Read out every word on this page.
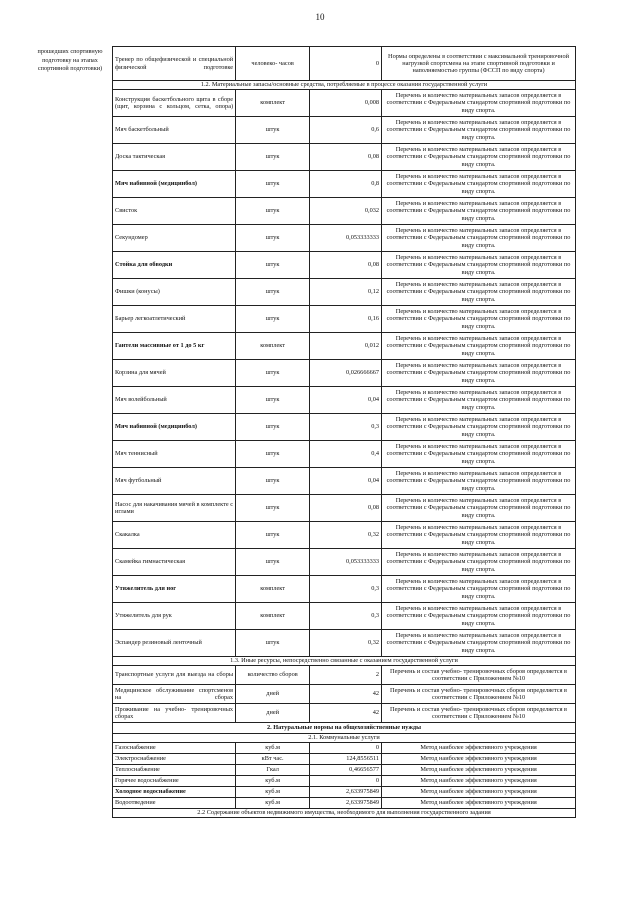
10
прошедших спортивную подготовку на этапах спортивной подготовки)
Тренер по общефизической и специальной физической подготовке	человеко- часов	0	Нормы определены в соответствии с максимальной тренировочной нагрузкой спортсмена на этапе спортивной подготовки и наполняемостью группы (ФССП по виду спорта)
1.2. Материальные запасы/основные средства, потребляемые в процессе оказания государственной услуги			
Конструкция баскетбольного щита в сборе (щит, корзина с кольцом, сетка, опора)	комплект	0,008	Перечень и количество материальных запасов определяется в соответствии с Федеральным стандартом спортивной подготовки по виду спорта.
Мяч баскетбольный	штук	0,6	Перечень и количество материальных запасов определяется в соответствии с Федеральным стандартом спортивной подготовки по виду спорта.
Доска тактическая	штук	0,08	Перечень и количество материальных запасов определяется в соответствии с Федеральным стандартом спортивной подготовки по виду спорта.
Мяч набивной (медицинбол)	штук	0,8	Перечень и количество материальных запасов определяется в соответствии с Федеральным стандартом спортивной подготовки по виду спорта.
Свисток	штук	0,032	Перечень и количество материальных запасов определяется в соответствии с Федеральным стандартом спортивной подготовки по виду спорта.
Секундомер	штук	0,053333333	Перечень и количество материальных запасов определяется в соответствии с Федеральным стандартом спортивной подготовки по виду спорта.
Стойка для обводки	штук	0,08	Перечень и количество материальных запасов определяется в соответствии с Федеральным стандартом спортивной подготовки по виду спорта.
Фишки (конусы)	штук	0,12	Перечень и количество материальных запасов определяется в соответствии с Федеральным стандартом спортивной подготовки по виду спорта.
Барьер легкоатлетический	штук	0,16	Перечень и количество материальных запасов определяется в соответствии с Федеральным стандартом спортивной подготовки по виду спорта.
Гантели массивные от 1 до 5 кг	комплект	0,012	Перечень и количество материальных запасов определяется в соответствии с Федеральным стандартом спортивной подготовки по виду спорта.
Корзина для мячей	штук	0,026666667	Перечень и количество материальных запасов определяется в соответствии с Федеральным стандартом спортивной подготовки по виду спорта.
Мяч волейбольный	штук	0,04	Перечень и количество материальных запасов определяется в соответствии с Федеральным стандартом спортивной подготовки по виду спорта.
Мяч набивной (медицинбол)	штук	0,3	Перечень и количество материальных запасов определяется в соответствии с Федеральным стандартом спортивной подготовки по виду спорта.
Мяч теннисный	штук	0,4	Перечень и количество материальных запасов определяется в соответствии с Федеральным стандартом спортивной подготовки по виду спорта.
Мяч футбольный	штук	0,04	Перечень и количество материальных запасов определяется в соответствии с Федеральным стандартом спортивной подготовки по виду спорта.
Насос для накачивания мячей в комплекте с иглами	штук	0,08	Перечень и количество материальных запасов определяется в соответствии с Федеральным стандартом спортивной подготовки по виду спорта.
Скакалка	штук	0,32	Перечень и количество материальных запасов определяется в соответствии с Федеральным стандартом спортивной подготовки по виду спорта.
Скамейка гимнастическая	штук	0,053333333	Перечень и количество материальных запасов определяется в соответствии с Федеральным стандартом спортивной подготовки по виду спорта.
Утяжелитель для ног	комплект	0,3	Перечень и количество материальных запасов определяется в соответствии с Федеральным стандартом спортивной подготовки по виду спорта.
Утяжелитель для рук	комплект	0,3	Перечень и количество материальных запасов определяется в соответствии с Федеральным стандартом спортивной подготовки по виду спорта.
Эспандер резиновый ленточный	штук	0,32	Перечень и количество материальных запасов определяется в соответствии с Федеральным стандартом спортивной подготовки по виду спорта.
1.3. Иные ресурсы, непосредственно связанные с оказанием государственной услуги			
Транспортные услуги для выезда на сборы	количество сборов	2	Перечень и состав учебно- тренировочных сборов определяется в соответствии с Приложением №10
Медицинское обслуживание спортсменов на сборах	дней	42	Перечень и состав учебно- тренировочных сборов определяется в соответствии с Приложением №10
Проживание на учебно- тренировочных сборах	дней	42	Перечень и состав учебно- тренировочных сборов определяется в соответствии с Приложением №10
2. Натуральные нормы на общехозяйственные нужды			
2.1. Коммунальные услуги			
Газоснабжение	куб.м	0	Метод наиболее эффективного учреждения
Электроснабжение	кВт час.	124,8556511	Метод наиболее эффективного учреждения
Теплоснабжение	Гкал	0,46656577	Метод наиболее эффективного учреждения
Горячее водоснабжение	куб.м	0	Метод наиболее эффективного учреждения
Холодное водоснабжение	куб.м	2,633975849	Метод наиболее эффективного учреждения
Водоотведение	куб.м	2,633975849	Метод наиболее эффективного учреждения
2.2 Содержание объектов недвижимого имущества, необходимого для выполнения государственного задания			
